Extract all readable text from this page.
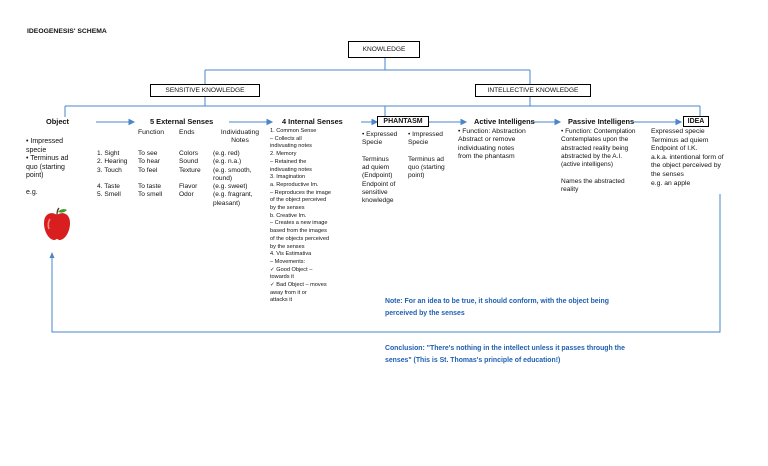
IDEOGENESIS' SCHEMA
KNOWLEDGE
SENSITIVE KNOWLEDGE	INTELLECTIVE KNOWLEDGE
Object
• Impressed
specie
• Terminus ad
quo (starting
point)
e.g.
5 External Senses
Function Ends	Individuating
Notes
1. Sight
2. Hearing
3. Touch

4. Taste
5. Smell
To see
To hear
To feel

To taste
To smell
Colors
Sound
Texture

Flavor
Odor
(e.g. red)
(e.g. n.a.)
(e.g. smooth,
round)
(e.g. sweet)
(e.g. fragrant,
pleasant)
4 Internal Senses
1. Common Sense
– Collects all
indivuating notes
2. Memory
– Retained the
indivuating notes
3. Imagination
a. Reproductive Im.
– Reproduces the image
of the object perceived
by the senses
b. Creative Im.
– Creates a new image
based from the images
of the objects perceived
by the senses
4. Vis Estimativa
– Movements:
✓ Good Object –
towards it
✓ Bad Object – moves
away from it or
attacks it
PHANTASM
• Expressed
Specie

Terminus
ad quiem
(Endpoint)
Endpoint of
sensitive
knowledge
• Impressed
Specie

Terminus ad
quo (starting
point)
Active Intelligens
• Function: Abstraction
Abstract or remove
individuating notes
from the phantasm
Passive Intelligens
• Function: Contemplation
Contemplates upon the
abstracted reality being
abstracted by the A.I.
(active intelligens)

Names the abstracted
reality
IDEA
Expressed specie
Terminus ad quiem
Endpoint of I.K.
a.k.a. intentional form of
the object perceived by
the senses
e.g. an apple
Note: For an idea to be true, it should conform, with the object being
perceived by the senses
Conclusion: "There's nothing in the intellect unless it passes through the
senses" (This is St. Thomas's principle of education!)
